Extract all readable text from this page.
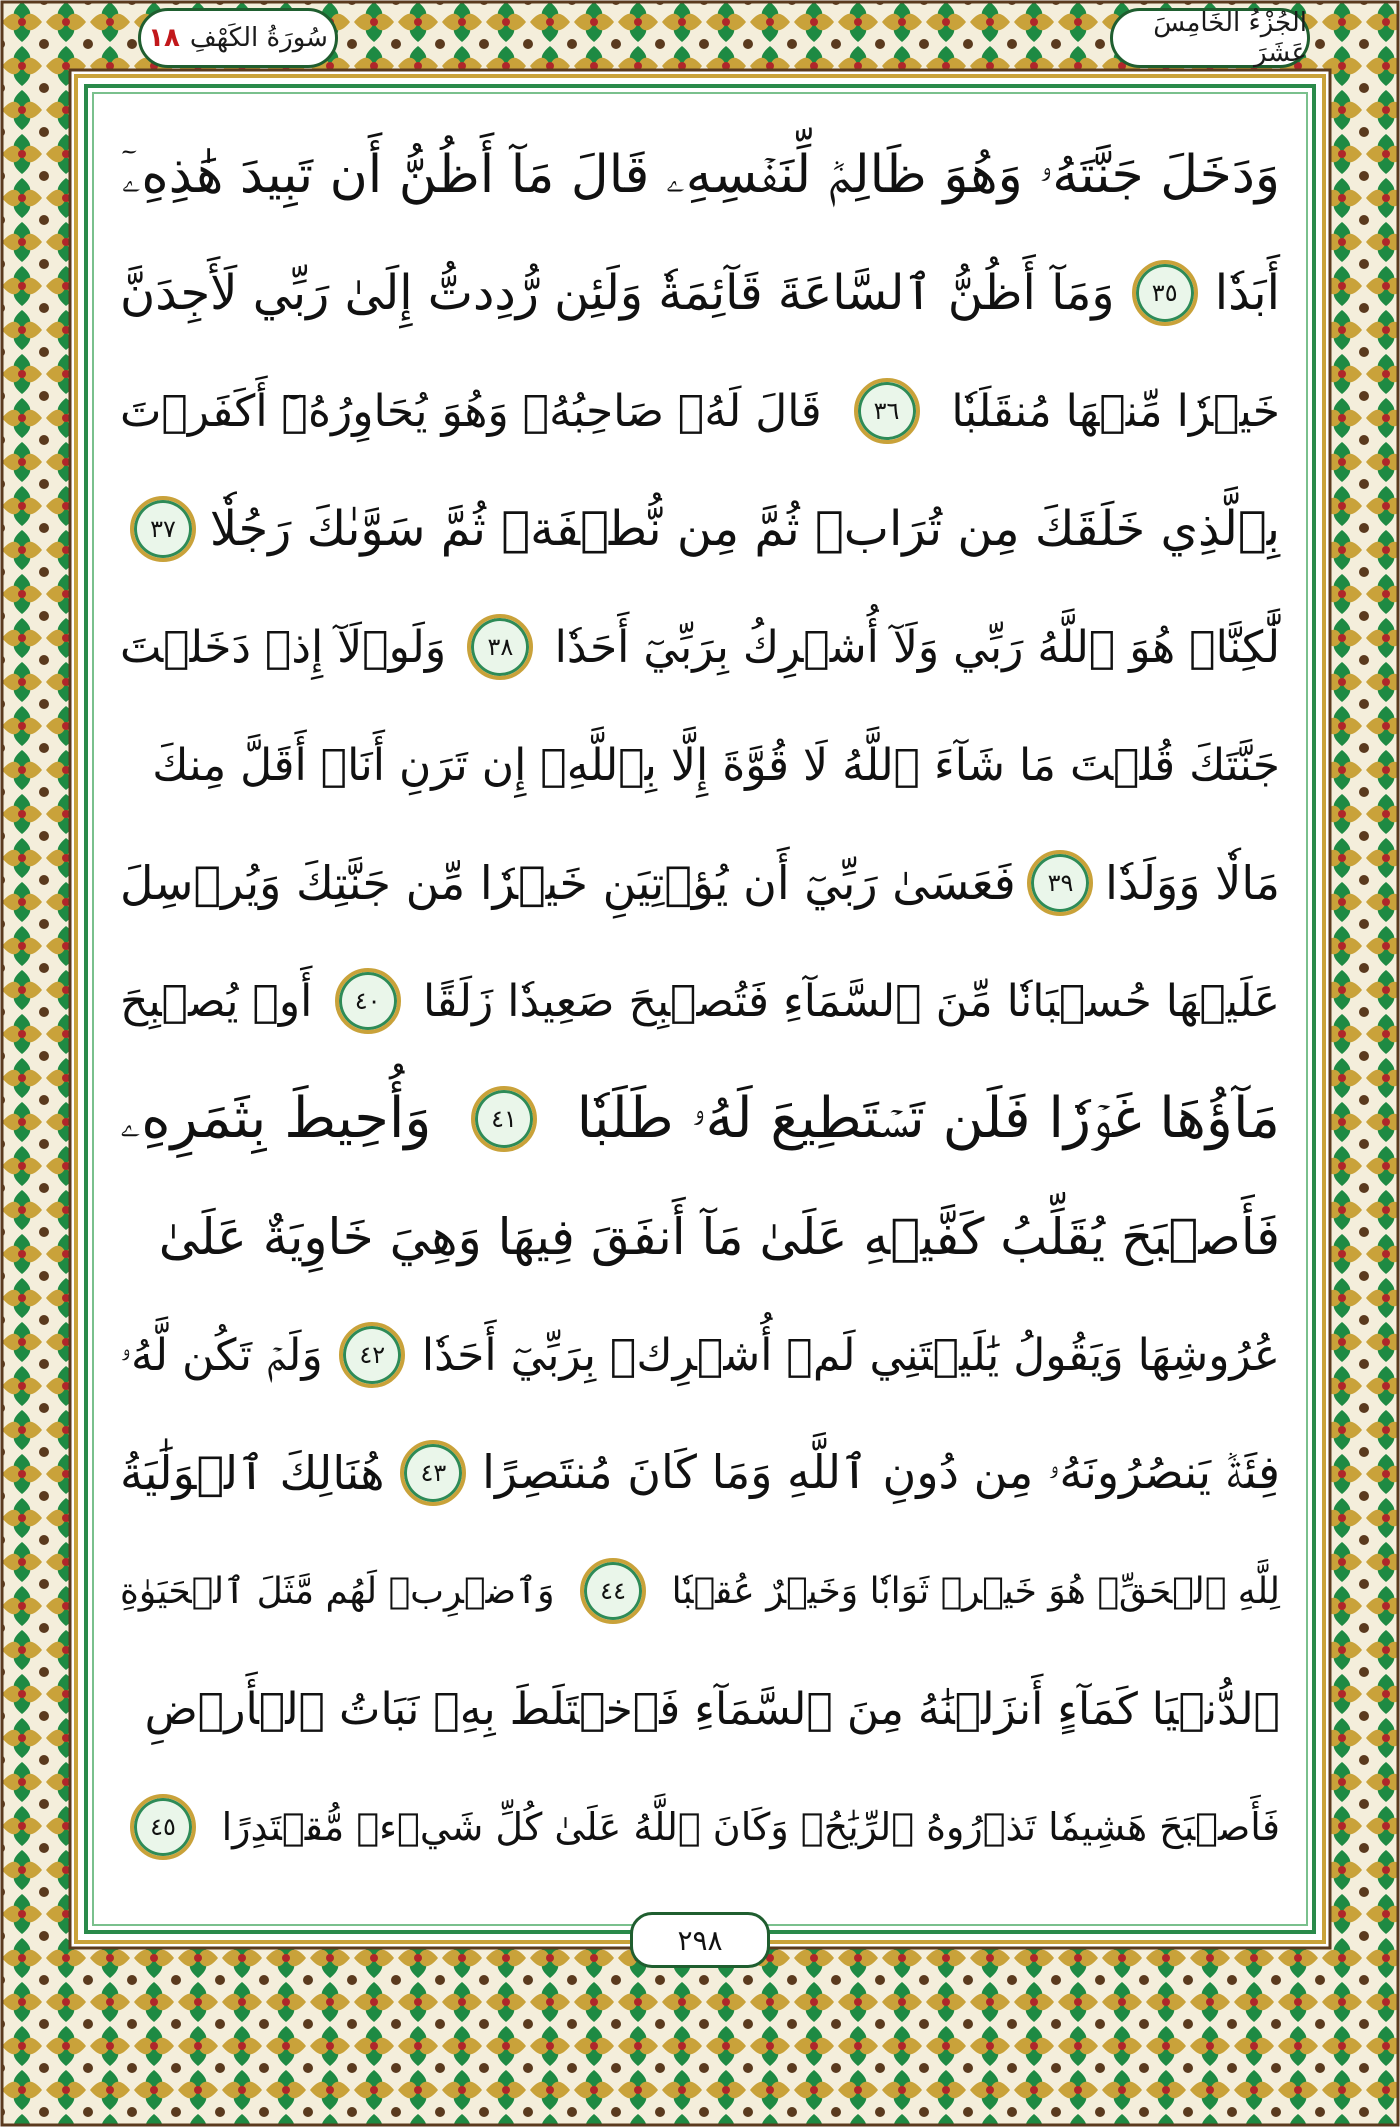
سُورَةُ الكَهْفِ
١٨	الجُزْءُ الخَامِسَ عَشَرَ
وَدَخَلَ جَنَّتَهُۥ وَهُوَ ظَالِمٞ لِّنَفۡسِهِۦ قَالَ مَآ أَظُنُّ أَن تَبِيدَ هَٰذِهِۦٓ
أَبَدٗا
٣٥
وَمَآ أَظُنُّ ٱلسَّاعَةَ قَآئِمَةٗ وَلَئِن رُّدِدتُّ إِلَىٰ رَبِّي لَأَجِدَنَّ
خَيۡرٗا مِّنۡهَا مُنقَلَبٗا
٣٦
قَالَ لَهُۥ صَاحِبُهُۥ وَهُوَ يُحَاوِرُهُۥٓ أَكَفَرۡتَ
بِٱلَّذِي خَلَقَكَ مِن تُرَابٖ ثُمَّ مِن نُّطۡفَةٖ ثُمَّ سَوَّىٰكَ رَجُلٗا
٣٧
لَّٰكِنَّا۠ هُوَ ٱللَّهُ رَبِّي وَلَآ أُشۡرِكُ بِرَبِّيٓ أَحَدٗا
٣٨
وَلَوۡلَآ إِذۡ دَخَلۡتَ
جَنَّتَكَ قُلۡتَ مَا شَآءَ ٱللَّهُ لَا قُوَّةَ إِلَّا بِٱللَّهِۚ إِن تَرَنِ أَنَا۠ أَقَلَّ مِنكَ
مَالٗا وَوَلَدٗا
٣٩
فَعَسَىٰ رَبِّيٓ أَن يُؤۡتِيَنِ خَيۡرٗا مِّن جَنَّتِكَ وَيُرۡسِلَ
عَلَيۡهَا حُسۡبَانٗا مِّنَ ٱلسَّمَآءِ فَتُصۡبِحَ صَعِيدٗا زَلَقًا
٤٠
أَوۡ يُصۡبِحَ
مَآؤُهَا غَوۡرٗا فَلَن تَسۡتَطِيعَ لَهُۥ طَلَبٗا
٤١
وَأُحِيطَ بِثَمَرِهِۦ
فَأَصۡبَحَ يُقَلِّبُ كَفَّيۡهِ عَلَىٰ مَآ أَنفَقَ فِيهَا وَهِيَ خَاوِيَةٌ عَلَىٰ
عُرُوشِهَا وَيَقُولُ يَٰلَيۡتَنِي لَمۡ أُشۡرِكۡ بِرَبِّيٓ أَحَدٗا
٤٢
وَلَمۡ تَكُن لَّهُۥ
فِئَةٞ يَنصُرُونَهُۥ مِن دُونِ ٱللَّهِ وَمَا كَانَ مُنتَصِرًا
٤٣
هُنَالِكَ ٱلۡوَلَٰيَةُ
لِلَّهِ ٱلۡحَقِّۚ هُوَ خَيۡرٞ ثَوَابٗا وَخَيۡرٌ عُقۡبٗا
٤٤
وَٱضۡرِبۡ لَهُم مَّثَلَ ٱلۡحَيَوٰةِ
ٱلدُّنۡيَا كَمَآءٍ أَنزَلۡنَٰهُ مِنَ ٱلسَّمَآءِ فَٱخۡتَلَطَ بِهِۦ نَبَاتُ ٱلۡأَرۡضِ
فَأَصۡبَحَ هَشِيمٗا تَذۡرُوهُ ٱلرِّيَٰحُۗ وَكَانَ ٱللَّهُ عَلَىٰ كُلِّ شَيۡءٖ مُّقۡتَدِرًا
٤٥
٢٩٨
